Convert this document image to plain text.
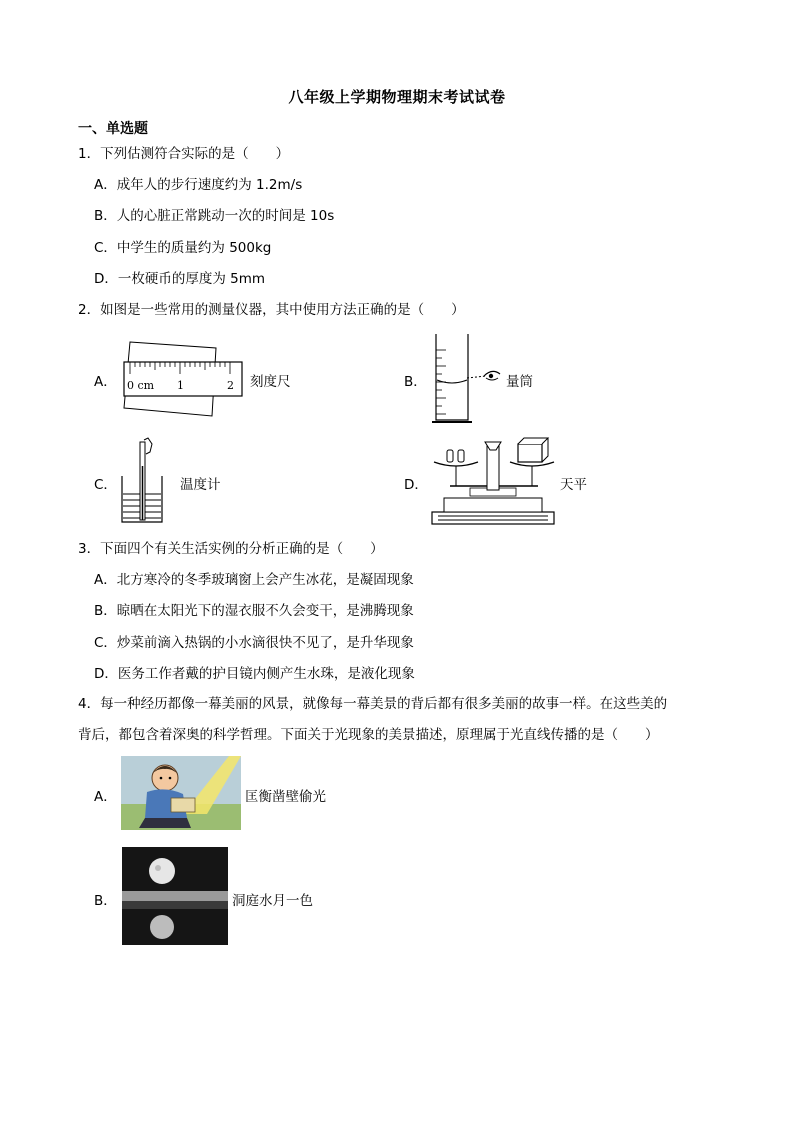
八年级上学期物理期末考试试卷
一、单选题
1．下列估测符合实际的是（　　）
A．成年人的步行速度约为 1.2m/s
B．人的心脏正常跳动一次的时间是 10s
C．中学生的质量约为 500kg
D．一枚硬币的厚度为 5mm
2．如图是一些常用的测量仪器，其中使用方法正确的是（　　）
A． 0 cm 1	2 刻度尺	B．	量筒
C．	温度计	D．	天平
3．下面四个有关生活实例的分析正确的是（　　）
A．北方寒冷的冬季玻璃窗上会产生冰花，是凝固现象
B．晾晒在太阳光下的湿衣服不久会变干，是沸腾现象
C．炒菜前滴入热锅的小水滴很快不见了，是升华现象
D．医务工作者戴的护目镜内侧产生水珠，是液化现象
4．每一种经历都像一幕美丽的风景，就像每一幕美景的背后都有很多美丽的故事一样。在这些美的
背后，都包含着深奥的科学哲理。下面关于光现象的美景描述，原理属于光直线传播的是（　　）
A．	匡衡凿壁偷光
B．	洞庭水月一色
